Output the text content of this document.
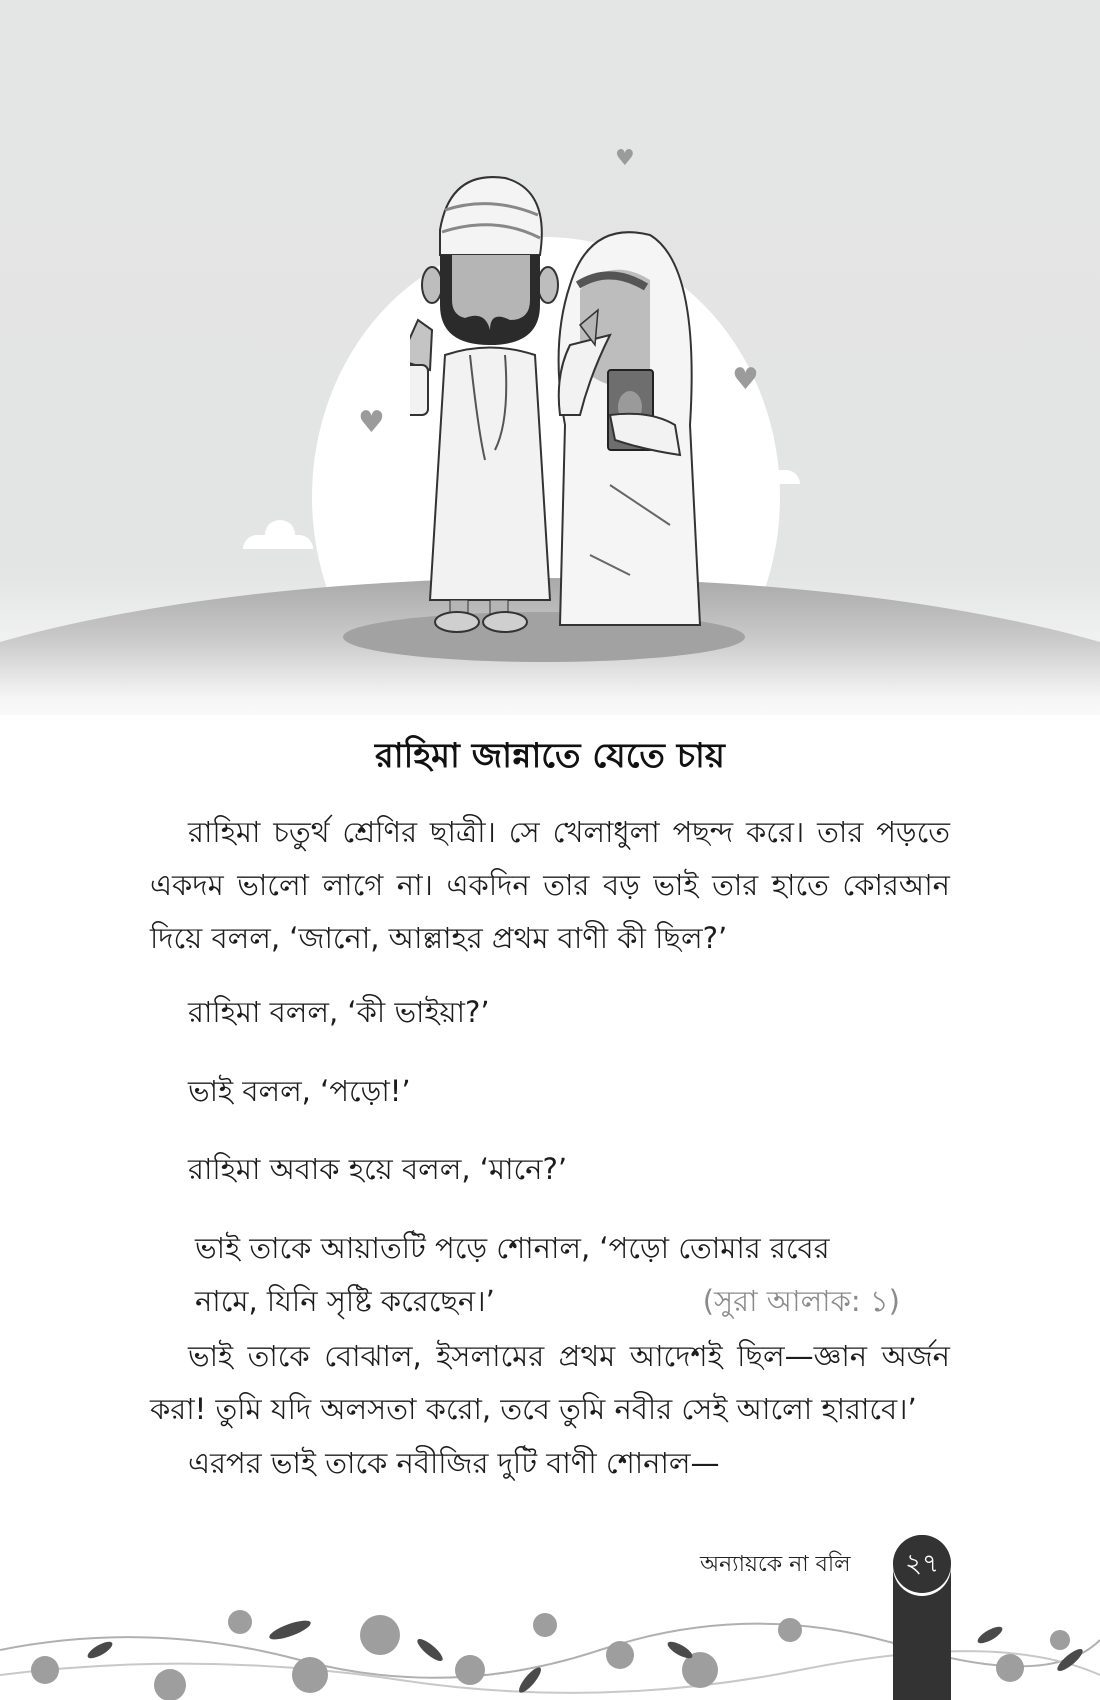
♥
♥
♥
রাহিমা জান্নাতে যেতে চায়

রাহিমা চতুর্থ শ্রেণির ছাত্রী। সে খেলাধুলা পছন্দ করে। তার পড়তে একদম ভালো লাগে না। একদিন তার বড় ভাই তার হাতে কোরআন দিয়ে বলল, ‘জানো, আল্লাহর প্রথম বাণী কী ছিল?’

রাহিমা বলল, ‘কী ভাইয়া?’

ভাই বলল, ‘পড়ো!’

রাহিমা অবাক হয়ে বলল, ‘মানে?’

ভাই তাকে আয়াতটি পড়ে শোনাল, ‘পড়ো তোমার রবের নামে, যিনি সৃষ্টি করেছেন।’	(সুরা আলাক: ১)

ভাই তাকে বোঝাল, ইসলামের প্রথম আদেশই ছিল—জ্ঞান অর্জন করা! তুমি যদি অলসতা করো, তবে তুমি নবীর সেই আলো হারাবে।’

এরপর ভাই তাকে নবীজির দুটি বাণী শোনাল—

অন্যায়কে না বলি	২৭
